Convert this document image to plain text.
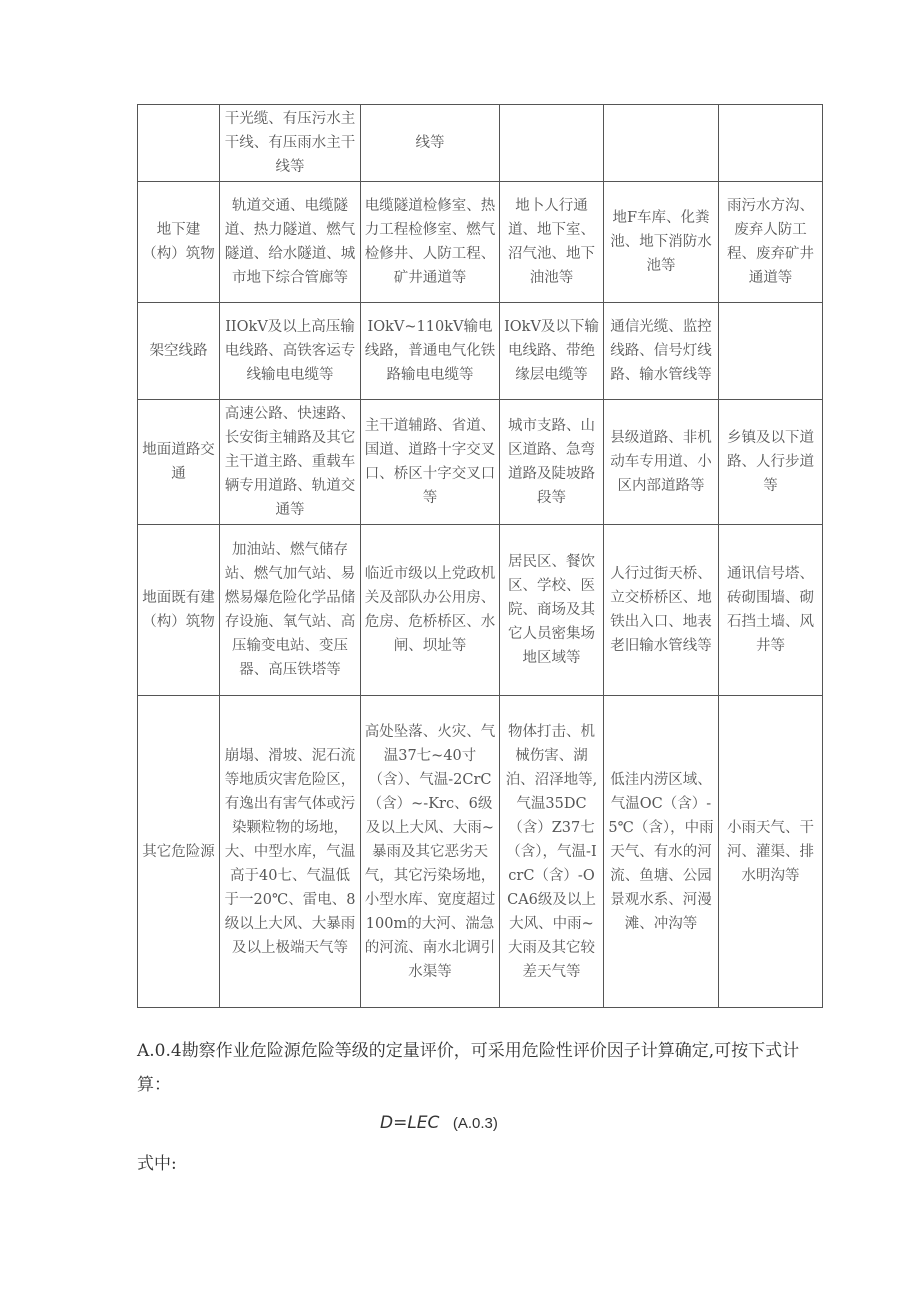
	干光缆、有压污水主干线、有压雨水主干线等	线等			
地下建（构）筑物	轨道交通、电缆隧道、热力隧道、燃气隧道、给水隧道、城市地下综合管廊等	电缆隧道检修室、热力工程检修室、燃气检修井、人防工程、矿井通道等	地卜人行通道、地下室、沼气池、地下油池等	地F车库、化粪池、地下消防水池等	雨污水方沟、废弃人防工程、废弃矿井通道等
架空线路	IIOkV及以上高压输电线路、高铁客运专线输电电缆等	IOkV~110kV输电线路，普通电气化铁路输电电缆等	IOkV及以下输电线路、带绝缘层电缆等	通信光缆、监控线路、信号灯线路、输水管线等	
地面道路交通	高速公路、快速路、长安街主辅路及其它主干道主路、重载车辆专用道路、轨道交通等	主干道辅路、省道、国道、道路十字交叉口、桥区十字交叉口等	城市支路、山区道路、急弯道路及陡坡路段等	县级道路、非机动车专用道、小区内部道路等	乡镇及以下道路、人行步道等
地面既有建（构）筑物	加油站、燃气储存站、燃气加气站、易燃易爆危险化学品储存设施、氧气站、高压输变电站、变压器、高压铁塔等	临近市级以上党政机关及部队办公用房、危房、危桥桥区、水闸、坝址等	居民区、餐饮区、学校、医院、商场及其它人员密集场地区域等	人行过街天桥、立交桥桥区、地铁出入口、地表老旧输水管线等	通讯信号塔、砖砌围墙、砌石挡土墙、风井等
其它危险源	崩塌、滑坡、泥石流等地质灾害危险区，有逸出有害气体或污染颗粒物的场地，大、中型水库，气温高于40七、气温低于一20℃、雷电、8级以上大风、大暴雨及以上极端天气等	高处坠落、火灾、气温37七~40寸（含）、气温-2CrC（含）~-Krc、6级及以上大风、大雨~暴雨及其它恶劣天气，其它污染场地，小型水库、宽度超过100m的大河、湍急的河流、南水北调引水渠等	物体打击、机械伤害、湖泊、沼泽地等,气温35DC（含）Z37七（含），气温-IcrC（含）-OCA6级及以上大风、中雨~大雨及其它较差天气等	低洼内涝区域、气温OC（含）-5℃（含），中雨天气、有水的河流、鱼塘、公园景观水系、河漫滩、冲沟等	小雨天气、干河、灌渠、排水明沟等
A.0.4勘察作业危险源危险等级的定量评价，可采用危险性评价因子计算确定,可按下式计算：
D=LEC (A.0.3)
式中:
